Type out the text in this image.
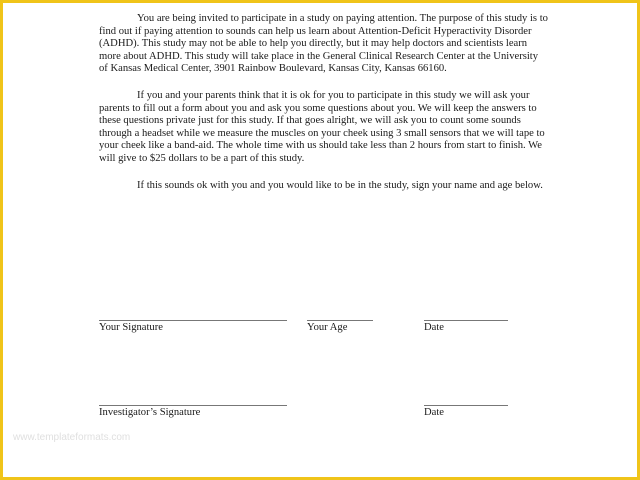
You are being invited to participate in a study on paying attention. The purpose of this study is to find out if paying attention to sounds can help us learn about Attention-Deficit Hyperactivity Disorder (ADHD). This study may not be able to help you directly, but it may help doctors and scientists learn more about ADHD. This study will take place in the General Clinical Research Center at the University of Kansas Medical Center, 3901 Rainbow Boulevard, Kansas City, Kansas 66160.

If you and your parents think that it is ok for you to participate in this study we will ask your parents to fill out a form about you and ask you some questions about you. We will keep the answers to these questions private just for this study. If that goes alright, we will ask you to count some sounds through a headset while we measure the muscles on your cheek using 3 small sensors that we will tape to your cheek like a band-aid. The whole time with us should take less than 2 hours from start to finish. We will give to $25 dollars to be a part of this study.

If this sounds ok with you and you would like to be in the study, sign your name and age below.

Your Signature	Your Age	Date
Investigator’s Signature	Date
www.templateformats.com
